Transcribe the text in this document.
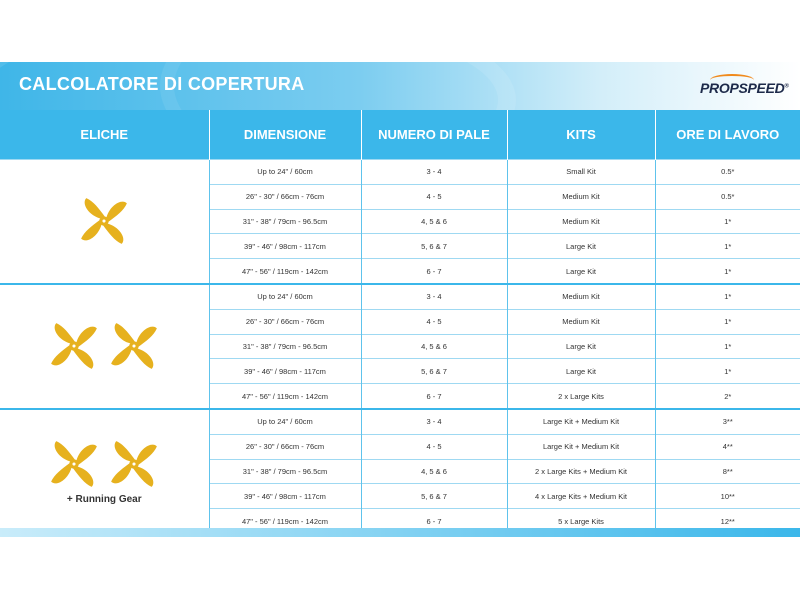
CALCOLATORE DI COPERTURA	PROPSPEED®
ELICHE	DIMENSIONE	NUMERO DI PALE	KITS	ORE DI LAVORO

	Up to 24" / 60cm	3 - 4	Small Kit	0.5*
	26" - 30" / 66cm - 76cm	4 - 5	Medium Kit	0.5*
	31" - 38" / 79cm - 96.5cm	4, 5 & 6	Medium Kit	1*
	39" - 46" / 98cm - 117cm	5, 6 & 7	Large Kit	1*
	47" - 56" / 119cm - 142cm	6 - 7	Large Kit	1*

	Up to 24" / 60cm	3 - 4	Medium Kit	1*
	26" - 30" / 66cm - 76cm	4 - 5	Medium Kit	1*
	31" - 38" / 79cm - 96.5cm	4, 5 & 6	Large Kit	1*
	39" - 46" / 98cm - 117cm	5, 6 & 7	Large Kit	1*
	47" - 56" / 119cm - 142cm	6 - 7	2 x Large Kits	2*

+ Running Gear	Up to 24" / 60cm	3 - 4	Large Kit + Medium Kit	3**
	26" - 30" / 66cm - 76cm	4 - 5	Large Kit + Medium Kit	4**
	31" - 38" / 79cm - 96.5cm	4, 5 & 6	2 x Large Kits + Medium Kit	8**
	39" - 46" / 98cm - 117cm	5, 6 & 7	4 x Large Kits + Medium Kit	10**
	47" - 56" / 119cm - 142cm	6 - 7	5 x Large Kits	12**
